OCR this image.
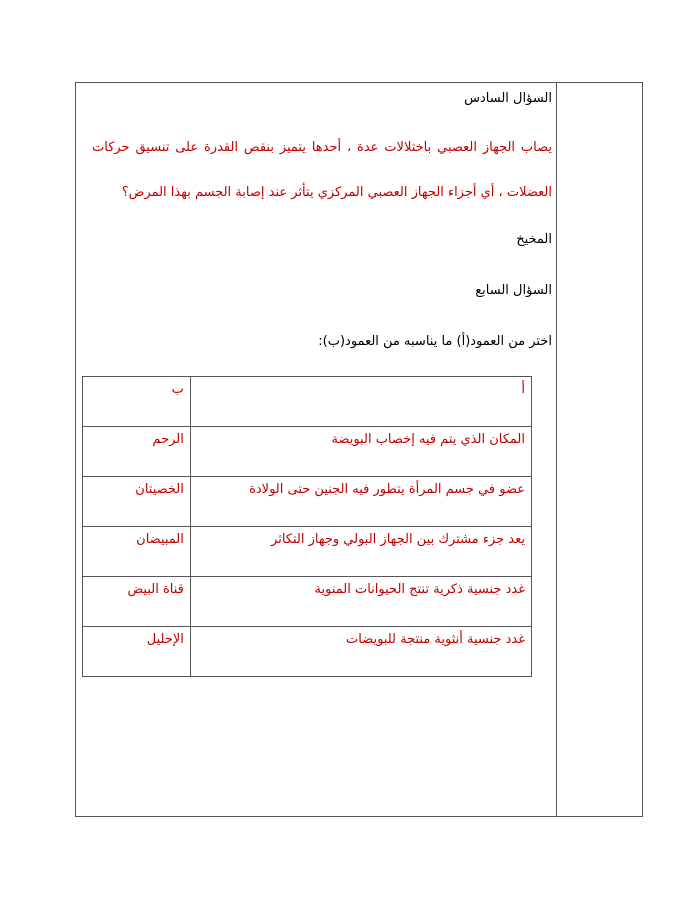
السؤال السادس
يصاب الجهاز العصبي باختلالات عدة ، أحدها يتميز بنقص القدرة على تنسيق حركات العضلات ، أي أجزاء الجهاز العصبي المركزي يتأثر عند إصابة الجسم بهذا المرض؟
المخيخ
السؤال السابع
اختر من العمود(أ) ما يناسبه من العمود(ب):
أ	ب
المكان الذي يتم فيه إخصاب البويضة	الرحم
عضو في جسم المرأة يتطور فيه الجنين حتى الولادة	الخصيتان
يعد جزء مشترك بين الجهاز البولي وجهاز التكاثر	المبيضان
غدد جنسية ذكرية تنتج الحيوانات المنوية	قناة البيض
غدد جنسية أنثوية منتجة للبويضات	الإحليل
